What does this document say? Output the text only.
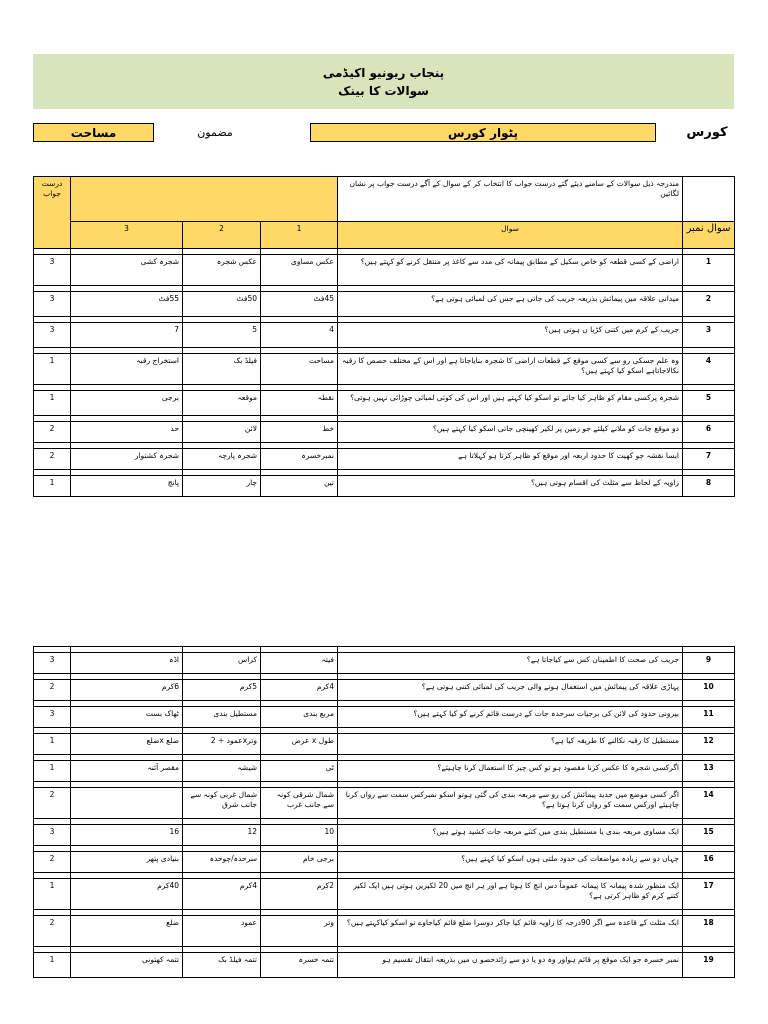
پنجاب ریونیو اکیڈمی
سوالات کا بینک
مساحت	مضمون	پٹوار کورس	کورس
درست جواب				مندرجہ ذیل سوالات کے سامنے دیئے گئے درست جواب کا انتخاب کر کے سوال کے آگے درست جواب پر نشان لگائیں	
	3	2	1	سوال	سوال نمبر

3	شجرہ کشی	عکس شجرہ	عکس مساوی	اراضی کے کسی قطعہ کو خاص سکیل کے مطابق پیمانہ کی مدد سے کاغذ پر منتقل کرنے کو کہتے ہیں؟	1

3	55فٹ	50فٹ	45فٹ	میدانی علاقہ میں پیمائش بذریعہ جریب کی جاتی ہے جس کی لمبائی ہوتی ہے؟	2

3	7	5	4	جریب کے کرم میں کتنی کڑیا ں ہوتی ہیں؟	3

1	استخراج رقبہ	فیلڈ بک	مساحت	وہ علم جسکی رو سے کسی موقع کے قطعات اراضی کا شجرہ بنایاجاتا ہے اور اس کے مختلف حصص کا رقبہ نکالاجاتاہے اسکو کیا کہتے ہیں؟	4

1	برجی	موقعہ	نقطہ	شجرہ پرکسی مقام کو ظاہر کیا جائے تو اسکو کیا کہتے ہیں اور اس کی کوئی لمبائی چوڑائی نہیں ہوتی؟	5

2	حد	لائن	خط	دو موقع جات کو ملانے کیلئے جو زمین پر لکیر کھینچی جاتی اسکو کیا کہتے ہیں؟	6

2	شجرہ کشتوار	شجرہ پارچہ	نمبرخسرہ	ایسا نقشہ جو کھیت کا حدود اربعہ اور موقع کو ظاہر کرتا ہو کہلاتا ہے	7

1	پانچ	چار	تین	زاویہ کے لحاظ سے مثلث کی اقسام ہوتی ہیں؟	8

3	اڈہ	کراس	فیتہ	جریب کی صحت کا اطمینان کس سے کیاجاتا ہے؟	9

2	6کرم	5کرم	4کرم	پہاڑی علاقہ کی پیمائش میں استعمال ہونے والی جریب کی لمبائی کتنی ہوتی ہے؟	10

3	ٹھاک بست	مستطیل بندی	مربع بندی	بیرونی حدود کی لائن کی برجیات سرحدہ جات کے درست قائم کرنے کو کیا کہتے ہیں؟	11

1	ضلع xضلع	وترxعمود ÷ 2	طول x عرض	مستطیل کا رقبہ نکالنے کا طریقہ کیا ہے؟	12

1	مقصر آئنہ	شیشہ	ٹی	اگرکسی شجرہ کا عکس کرنا مقصود ہو تو کس چیز کا استعمال کرنا چاہیئے؟	13

2		شمال غربی کونہ سے جانب شرق	شمال شرقی کونہ سے جانب غرب	اگر کسی موضع میں جدید پیمائش کی رو سے مربعہ بندی کی گئی ہوتو اسکو نمبرکس سمت سے رواں کرنا چاہیئے اورکس سمت کو رواں کرنا ہوتا ہے؟	14

3	16	12	10	ایک مساوی مربعہ بندی یا مستطیل بندی میں کتنے مربعہ جات کشید ہوتے ہیں؟	15

2	بنیادی پتھر	سرحدہ/چوحدہ	برجی خام	جہاں دو سے زیادہ مواضعات کی حدود ملتی ہوں اسکو کیا کہتے ہیں؟	16

1	40کرم	4کرم	2کرم	ایک منظور شدہ پیمانہ کا پیمانہ عموماً دس انچ کا ہوتا ہے اور ہر انچ میں 20 لکیریں ہوتی ہیں ایک لکیر کتنے کرم کو ظاہر کرتی ہے؟	17

2	ضلع	عمود	وتر	ایک مثلث کے قاعدہ سے اگر 90درجہ کا زاویہ قائم کیا جاکر دوسرا ضلع قائم کیاجاوے تو اسکو کیاکہتے ہیں؟	18

1	تتمہ کھتونی	تتمہ فیلڈ بک	تتمہ خسرہ	نمبر خسرہ جو ایک موقع پر قائم ہواور وہ دو یا دو سے زائدحصو ں میں بذریعہ انتقال تقسیم ہو	19
